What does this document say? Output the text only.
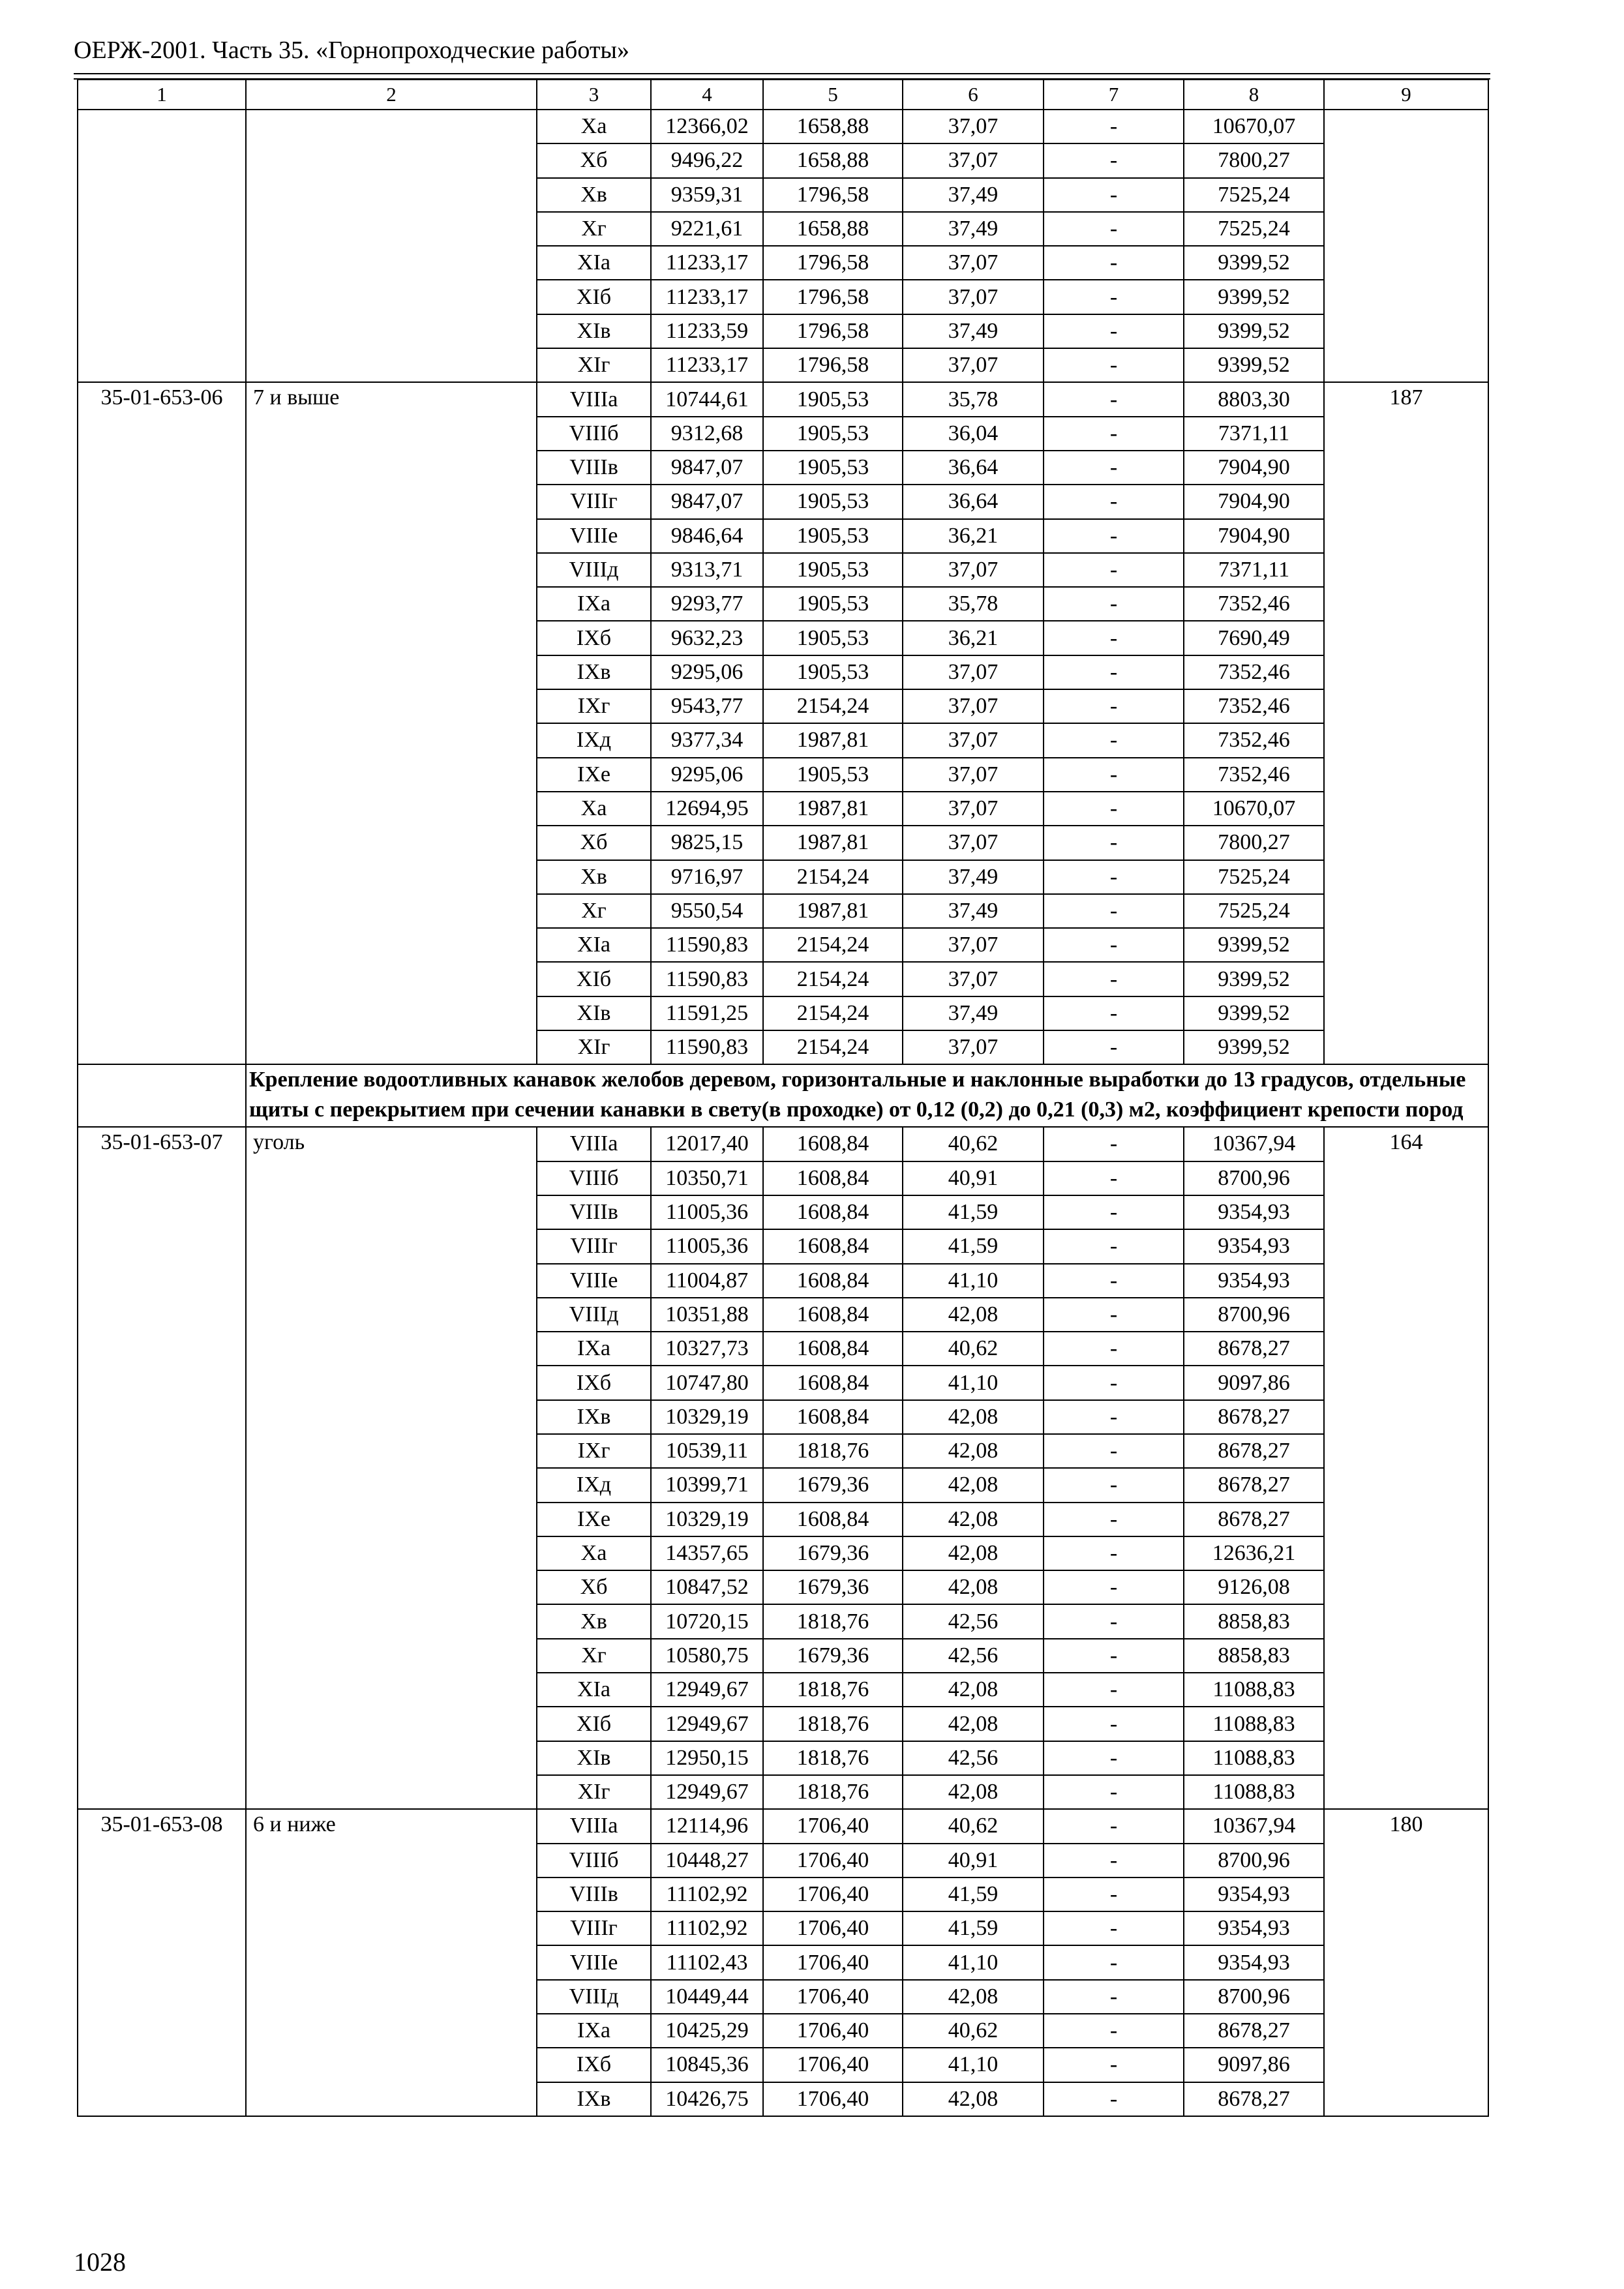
ОЕРЖ-2001. Часть 35. «Горнопроходческие работы»
1	2	3	4	5	6	7	8	9
		Xа	12366,02	1658,88	37,07	-	10670,07	
		Xб	9496,22	1658,88	37,07	-	7800,27	
		Xв	9359,31	1796,58	37,49	-	7525,24	
		Xг	9221,61	1658,88	37,49	-	7525,24	
		XIа	11233,17	1796,58	37,07	-	9399,52	
		XIб	11233,17	1796,58	37,07	-	9399,52	
		XIв	11233,59	1796,58	37,49	-	9399,52	
		XIг	11233,17	1796,58	37,07	-	9399,52	
35-01-653-06	7 и выше	VIIIа	10744,61	1905,53	35,78	-	8803,30	187
		VIIIб	9312,68	1905,53	36,04	-	7371,11	
		VIIIв	9847,07	1905,53	36,64	-	7904,90	
		VIIIг	9847,07	1905,53	36,64	-	7904,90	
		VIIIе	9846,64	1905,53	36,21	-	7904,90	
		VIIIд	9313,71	1905,53	37,07	-	7371,11	
		IXа	9293,77	1905,53	35,78	-	7352,46	
		IXб	9632,23	1905,53	36,21	-	7690,49	
		IXв	9295,06	1905,53	37,07	-	7352,46	
		IXг	9543,77	2154,24	37,07	-	7352,46	
		IXд	9377,34	1987,81	37,07	-	7352,46	
		IXе	9295,06	1905,53	37,07	-	7352,46	
		Xа	12694,95	1987,81	37,07	-	10670,07	
		Xб	9825,15	1987,81	37,07	-	7800,27	
		Xв	9716,97	2154,24	37,49	-	7525,24	
		Xг	9550,54	1987,81	37,49	-	7525,24	
		XIа	11590,83	2154,24	37,07	-	9399,52	
		XIб	11590,83	2154,24	37,07	-	9399,52	
		XIв	11591,25	2154,24	37,49	-	9399,52	
		XIг	11590,83	2154,24	37,07	-	9399,52	
	Крепление водоотливных канавок желобов деревом, горизонтальные и наклонные выработки до 13 градусов, отдельные щиты с перекрытием при сечении канавки в свету(в проходке) от 0,12 (0,2) до 0,21 (0,3) м2, коэффициент крепости пород							
35-01-653-07	уголь	VIIIа	12017,40	1608,84	40,62	-	10367,94	164
		VIIIб	10350,71	1608,84	40,91	-	8700,96	
		VIIIв	11005,36	1608,84	41,59	-	9354,93	
		VIIIг	11005,36	1608,84	41,59	-	9354,93	
		VIIIе	11004,87	1608,84	41,10	-	9354,93	
		VIIIд	10351,88	1608,84	42,08	-	8700,96	
		IXа	10327,73	1608,84	40,62	-	8678,27	
		IXб	10747,80	1608,84	41,10	-	9097,86	
		IXв	10329,19	1608,84	42,08	-	8678,27	
		IXг	10539,11	1818,76	42,08	-	8678,27	
		IXд	10399,71	1679,36	42,08	-	8678,27	
		IXе	10329,19	1608,84	42,08	-	8678,27	
		Xа	14357,65	1679,36	42,08	-	12636,21	
		Xб	10847,52	1679,36	42,08	-	9126,08	
		Xв	10720,15	1818,76	42,56	-	8858,83	
		Xг	10580,75	1679,36	42,56	-	8858,83	
		XIа	12949,67	1818,76	42,08	-	11088,83	
		XIб	12949,67	1818,76	42,08	-	11088,83	
		XIв	12950,15	1818,76	42,56	-	11088,83	
		XIг	12949,67	1818,76	42,08	-	11088,83	
35-01-653-08	6 и ниже	VIIIа	12114,96	1706,40	40,62	-	10367,94	180
		VIIIб	10448,27	1706,40	40,91	-	8700,96	
		VIIIв	11102,92	1706,40	41,59	-	9354,93	
		VIIIг	11102,92	1706,40	41,59	-	9354,93	
		VIIIе	11102,43	1706,40	41,10	-	9354,93	
		VIIIд	10449,44	1706,40	42,08	-	8700,96	
		IXа	10425,29	1706,40	40,62	-	8678,27	
		IXб	10845,36	1706,40	41,10	-	9097,86	
		IXв	10426,75	1706,40	42,08	-	8678,27	
1028
